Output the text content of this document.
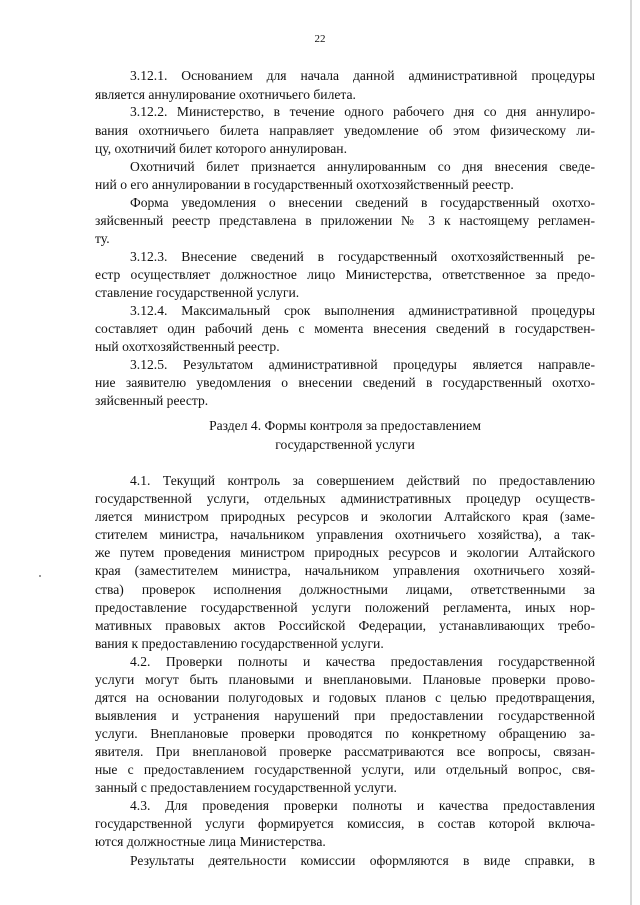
22
3.12.1. Основанием для начала данной административной процедуры
является аннулирование охотничьего билета.
3.12.2. Министерство, в течение одного рабочего дня со дня аннулиро-
вания охотничьего билета направляет уведомление об этом физическому ли-
цу, охотничий билет которого аннулирован.
Охотничий билет признается аннулированным со дня внесения сведе-
ний о его аннулировании в государственный охотхозяйственный реестр.
Форма уведомления о внесении сведений в государственный охотхо-
зяйсвенный реестр представлена в приложении № 3 к настоящему регламен-
ту.
3.12.3. Внесение сведений в государственный охотхозяйственный ре-
естр осуществляет должностное лицо Министерства, ответственное за предо-
ставление государственной услуги.
3.12.4. Максимальный срок выполнения административной процедуры
составляет один рабочий день с момента внесения сведений в государствен-
ный охотхозяйственный реестр.
3.12.5. Результатом административной процедуры является направле-
ние заявителю уведомления о внесении сведений в государственный охотхо-
зяйсвенный реестр.
Раздел 4. Формы контроля за предоставлением
государственной услуги
4.1. Текущий контроль за совершением действий по предоставлению
государственной услуги, отдельных административных процедур осуществ-
ляется министром природных ресурсов и экологии Алтайского края (замe-
стителем министра, начальником управления охотничьего хозяйства), а так-
же путем проведения министром природных ресурсов и экологии Алтайского
края (заместителем министра, начальником управления охотничьего хозяй-
ства) проверок исполнения должностными лицами, ответственными за
предоставление государственной услуги положений регламента, иных нор-
мативных правовых актов Российской Федерации, устанавливающих требо-
вания к предоставлению государственной услуги.
4.2. Проверки полноты и качества предоставления государственной
услуги могут быть плановыми и внеплановыми. Плановые проверки прово-
дятся на основании полугодовых и годовых планов с целью предотвращения,
выявления и устранения нарушений при предоставлении государственной
услуги. Внеплановые проверки проводятся по конкретному обращению за-
явителя. При внеплановой проверке рассматриваются все вопросы, связан-
ные с предоставлением государственной услуги, или отдельный вопрос, свя-
занный с предоставлением государственной услуги.
4.3. Для проведения проверки полноты и качества предоставления
государственной услуги формируется комиссия, в состав которой включа-
ются должностные лица Министерства.
Результаты деятельности комиссии оформляются в виде справки, в
